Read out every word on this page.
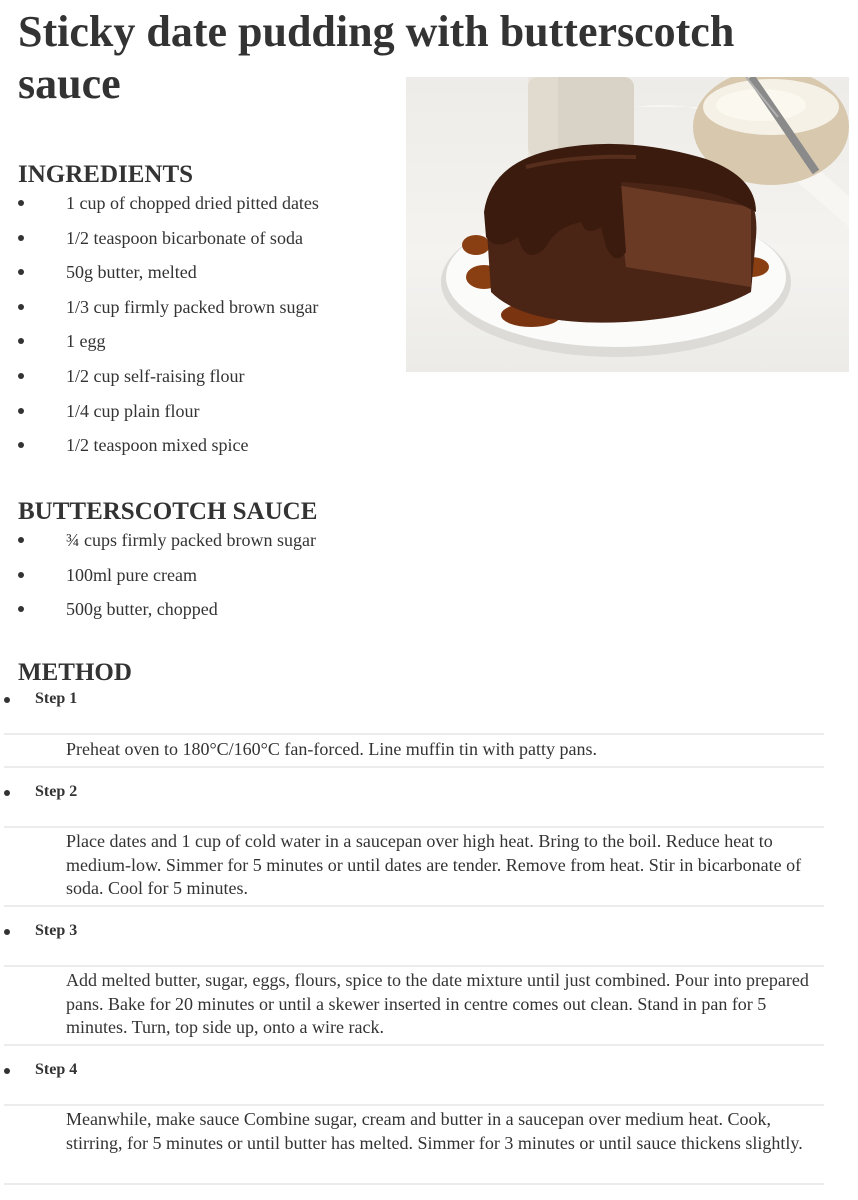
Sticky date pudding with butterscotch sauce
INGREDIENTS
1 cup of chopped dried pitted dates
1/2 teaspoon bicarbonate of soda
50g butter, melted
1/3 cup firmly packed brown sugar
1 egg
1/2 cup self-raising flour
1/4 cup plain flour
1/2 teaspoon mixed spice
BUTTERSCOTCH SAUCE
¾ cups firmly packed brown sugar
100ml pure cream
500g butter, chopped
METHOD
Step 1
Preheat oven to 180°C/160°C fan-forced. Line muffin tin with patty pans.
Step 2
Place dates and 1 cup of cold water in a saucepan over high heat. Bring to the boil. Reduce heat to medium-low. Simmer for 5 minutes or until dates are tender. Remove from heat. Stir in bicarbonate of soda. Cool for 5 minutes.
Step 3
Add melted butter, sugar, eggs, flours, spice to the date mixture until just combined. Pour into prepared pans. Bake for 20 minutes or until a skewer inserted in centre comes out clean. Stand in pan for 5 minutes. Turn, top side up, onto a wire rack.
Step 4
Meanwhile, make sauce Combine sugar, cream and butter in a saucepan over medium heat. Cook, stirring, for 5 minutes or until butter has melted. Simmer for 3 minutes or until sauce thickens slightly.
